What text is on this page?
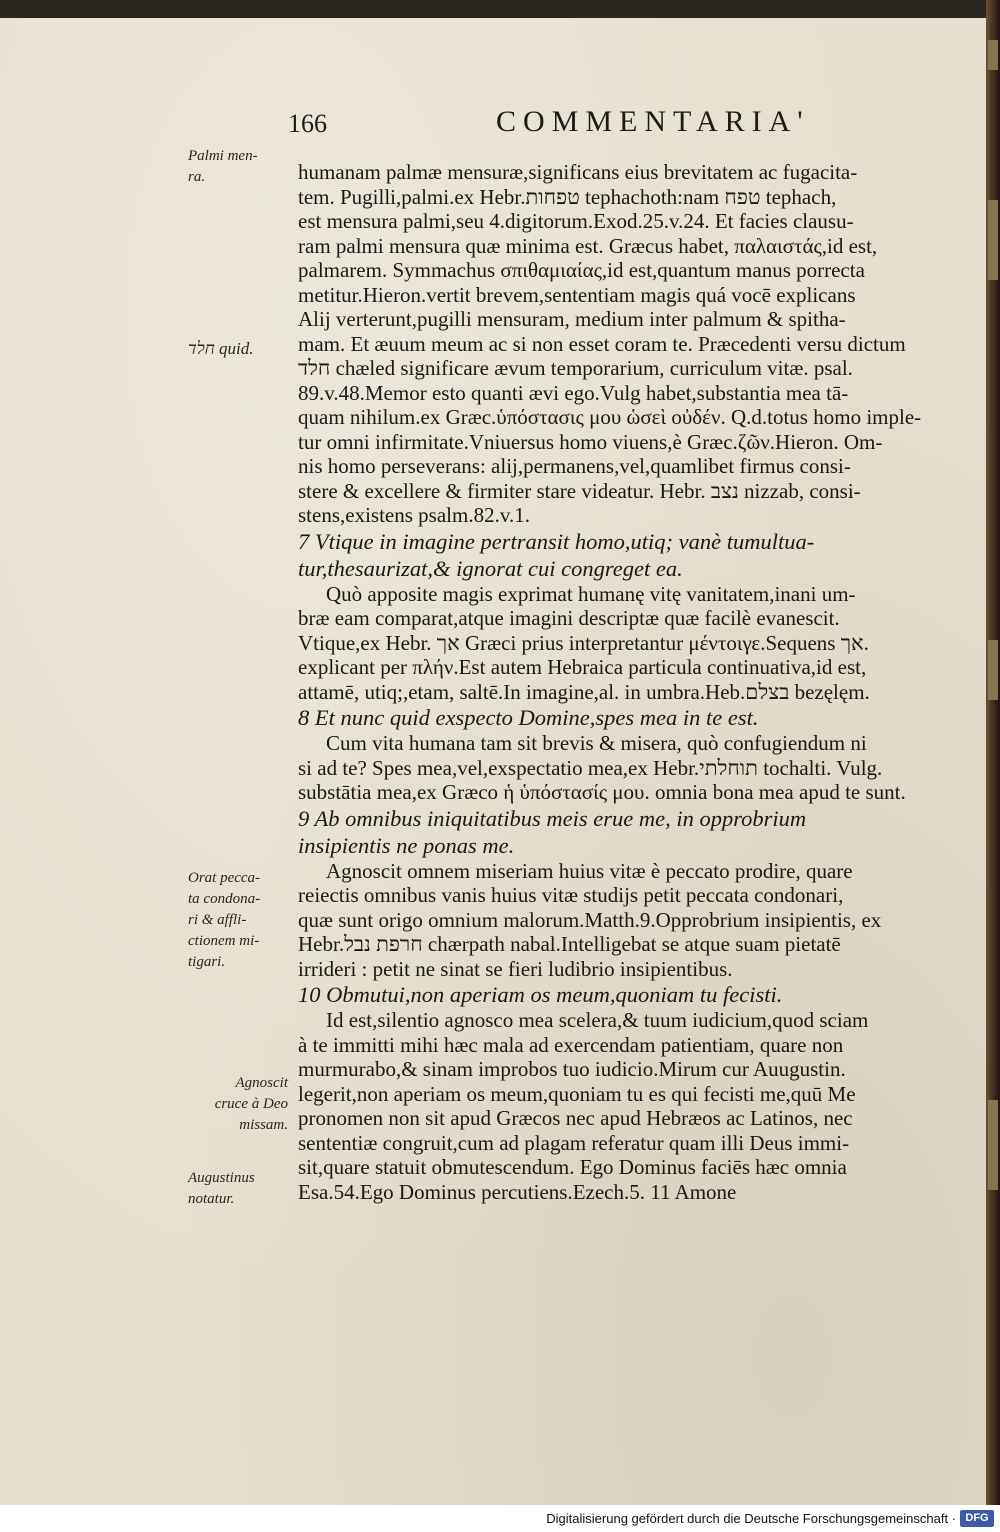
166	COMMENTARIA'
Palmi men-
ra.
חלד quid.
Orat pecca-
ta condona-
ri & affli-
ctionem mi-
tigari.
Agnoscit
cruce à Deo
missam.
Augustinus
notatur.
humanam palmæ mensuræ,significans eius brevitatem ac fugacita-
tem. Pugilli,palmi.ex Hebr.טפחות tephachoth:nam טפח tephach,
est mensura palmi,seu 4.digitorum.Exod.25.v.24. Et facies clausu-
ram palmi mensura quæ minima est. Græcus habet, παλαιστάς,id est,
palmarem. Symmachus σπιθαμιαίας,id est,quantum manus porrecta
metitur.Hieron.vertit brevem,sententiam magis quá vocē explicans
Alij verterunt,pugilli mensuram, medium inter palmum & spitha-
mam. Et æuum meum ac si non esset coram te. Præcedenti versu dictum
חלד chæled significare ævum temporarium, curriculum vitæ. psal.
89.v.48.Memor esto quanti ævi ego.Vulg habet,substantia mea tā-
quam nihilum.ex Græc.ὑπόστασις μου ὡσεὶ οὐδέν. Q.d.totus homo imple-
tur omni infirmitate.Vniuersus homo viuens,è Græc.ζῶν.Hieron. Om-
nis homo perseverans: alij,permanens,vel,quamlibet firmus consi-
stere & excellere & firmiter stare videatur. Hebr. נצב nizzab, consi-
stens,existens psalm.82.v.1.
7 Vtique in imagine pertransit homo,utiq; vanè tumultua-
tur,thesaurizat,& ignorat cui congreget ea.
Quò apposite magis exprimat humanę vitę vanitatem,inani um-
bræ eam comparat,atque imagini descriptæ quæ facilè evanescit.
Vtique,ex Hebr. אך Græci prius interpretantur μέντοιγε.Sequens אך.
explicant per πλήν.Est autem Hebraica particula continuativa,id est,
attamē, utiq;,etam, saltē.In imagine,al. in umbra.Heb.בצלם bezęlęm.
8 Et nunc quid exspecto Domine,spes mea in te est.
Cum vita humana tam sit brevis & misera, quò confugiendum ni
si ad te? Spes mea,vel,exspectatio mea,ex Hebr.תוחלתי tochalti. Vulg.
substātia mea,ex Græco ἡ ὑπόστασίς μου. omnia bona mea apud te sunt.
9 Ab omnibus iniquitatibus meis erue me, in opprobrium
insipientis ne ponas me.
Agnoscit omnem miseriam huius vitæ è peccato prodire, quare
reiectis omnibus vanis huius vitæ studijs petit peccata condonari,
quæ sunt origo omnium malorum.Matth.9.Opprobrium insipientis, ex
Hebr.חרפת נבל chærpath nabal.Intelligebat se atque suam pietatē
irrideri : petit ne sinat se fieri ludibrio insipientibus.
10 Obmutui,non aperiam os meum,quoniam tu fecisti.
Id est,silentio agnosco mea scelera,& tuum iudicium,quod sciam
à te immitti mihi hæc mala ad exercendam patientiam, quare non
murmurabo,& sinam improbos tuo iudicio.Mirum cur Auugustin.
legerit,non aperiam os meum,quoniam tu es qui fecisti me,quū Me
pronomen non sit apud Græcos nec apud Hebræos ac Latinos, nec
sententiæ congruit,cum ad plagam referatur quam illi Deus immi-
sit,quare statuit obmutescendum. Ego Dominus faciēs hæc omnia
Esa.54.Ego Dominus percutiens.Ezech.5. 11 Amone
Digitalisierung gefördert durch die Deutsche Forschungsgemeinschaft · DFG
